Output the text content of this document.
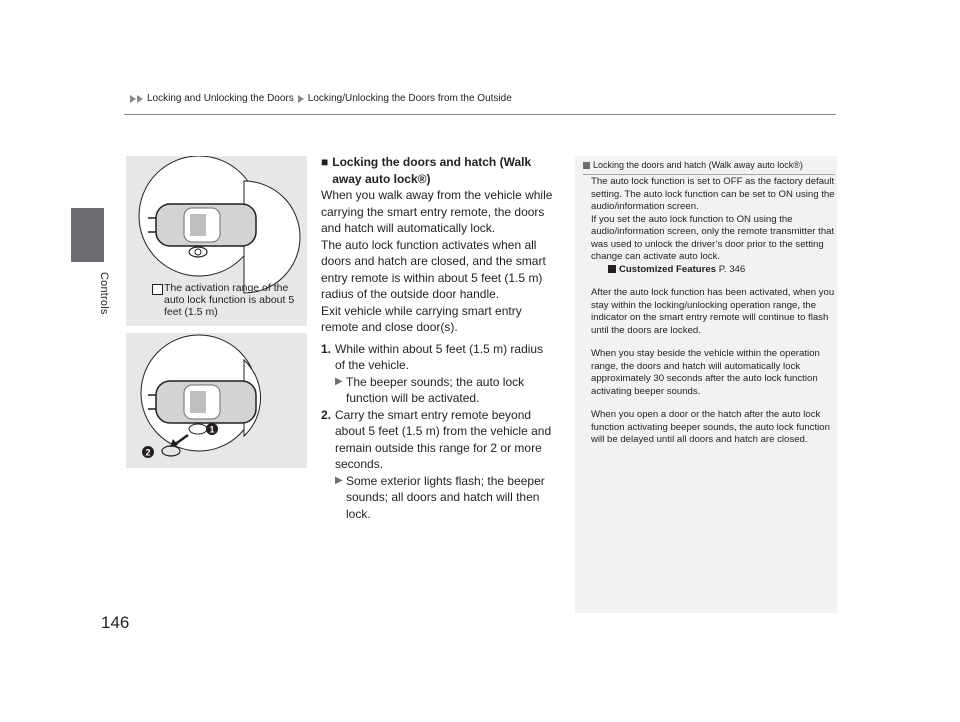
Locking and Unlocking the Doors Locking/Unlocking the Doors from the Outside
Controls	The activation range of the auto lock function is about 5 feet (1.5 m)
1
2
■ Locking the doors and hatch (Walk away auto lock®)

When you walk away from the vehicle while carrying the smart entry remote, the doors and hatch will automatically lock.

The auto lock function activates when all doors and hatch are closed, and the smart entry remote is within about 5 feet (1.5 m) radius of the outside door handle.

Exit vehicle while carrying smart entry remote and close door(s).

1. While within about 5 feet (1.5 m) radius of the vehicle.
▶ The beeper sounds; the auto lock function will be activated.
2. Carry the smart entry remote beyond about 5 feet (1.5 m) from the vehicle and remain outside this range for 2 or more seconds.
▶ Some exterior lights flash; the beeper sounds; all doors and hatch will then lock.
Locking the doors and hatch (Walk away auto lock®)

The auto lock function is set to OFF as the factory default setting. The auto lock function can be set to ON using the audio/information screen.
If you set the auto lock function to ON using the audio/information screen, only the remote transmitter that was used to unlock the driver’s door prior to the setting change can activate auto lock.

Customized Features P. 346

After the auto lock function has been activated, when you stay within the locking/unlocking operation range, the indicator on the smart entry remote will continue to flash until the doors are locked.

When you stay beside the vehicle within the operation range, the doors and hatch will automatically lock approximately 30 seconds after the auto lock function activating beeper sounds.

When you open a door or the hatch after the auto lock function activating beeper sounds, the auto lock function will be delayed until all doors and hatch are closed.

146
